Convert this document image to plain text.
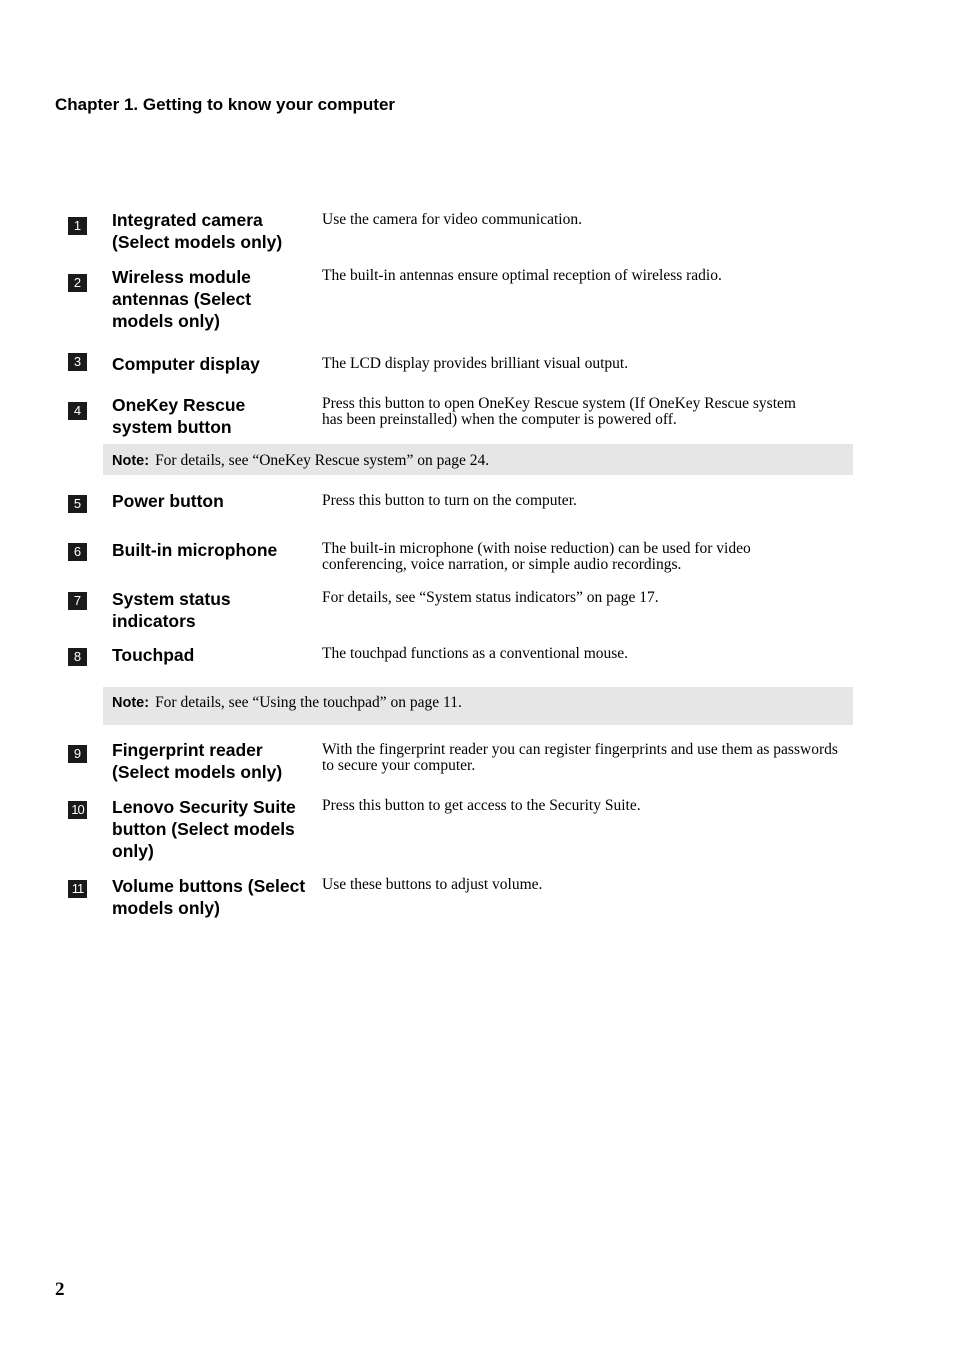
Chapter 1. Getting to know your computer
1	Integrated camera (Select models only)
Use the camera for video communication.
2	Wireless module antennas (Select models only)
The built-in antennas ensure optimal reception of wireless radio.
3	Computer display	The LCD display provides brilliant visual output.
4	OneKey Rescue system button
Press this button to open OneKey Rescue system (If OneKey Rescue system has been preinstalled) when the computer is powered off.
Note: For details, see “OneKey Rescue system” on page 24.
5	Power button	Press this button to turn on the computer.
6	Built-in microphone	The built-in microphone (with noise reduction) can be used for video conferencing, voice narration, or simple audio recordings.
7	System status indicators
For details, see “System status indicators” on page 17.
8	Touchpad	The touchpad functions as a conventional mouse.
Note: For details, see “Using the touchpad” on page 11.
9	Fingerprint reader (Select models only)
With the fingerprint reader you can register fingerprints and use them as passwords to secure your computer.
10 Lenovo Security Suite button (Select models only)
Press this button to get access to the Security Suite.
11 Volume buttons (Select models only)
Use these buttons to adjust volume.
2
